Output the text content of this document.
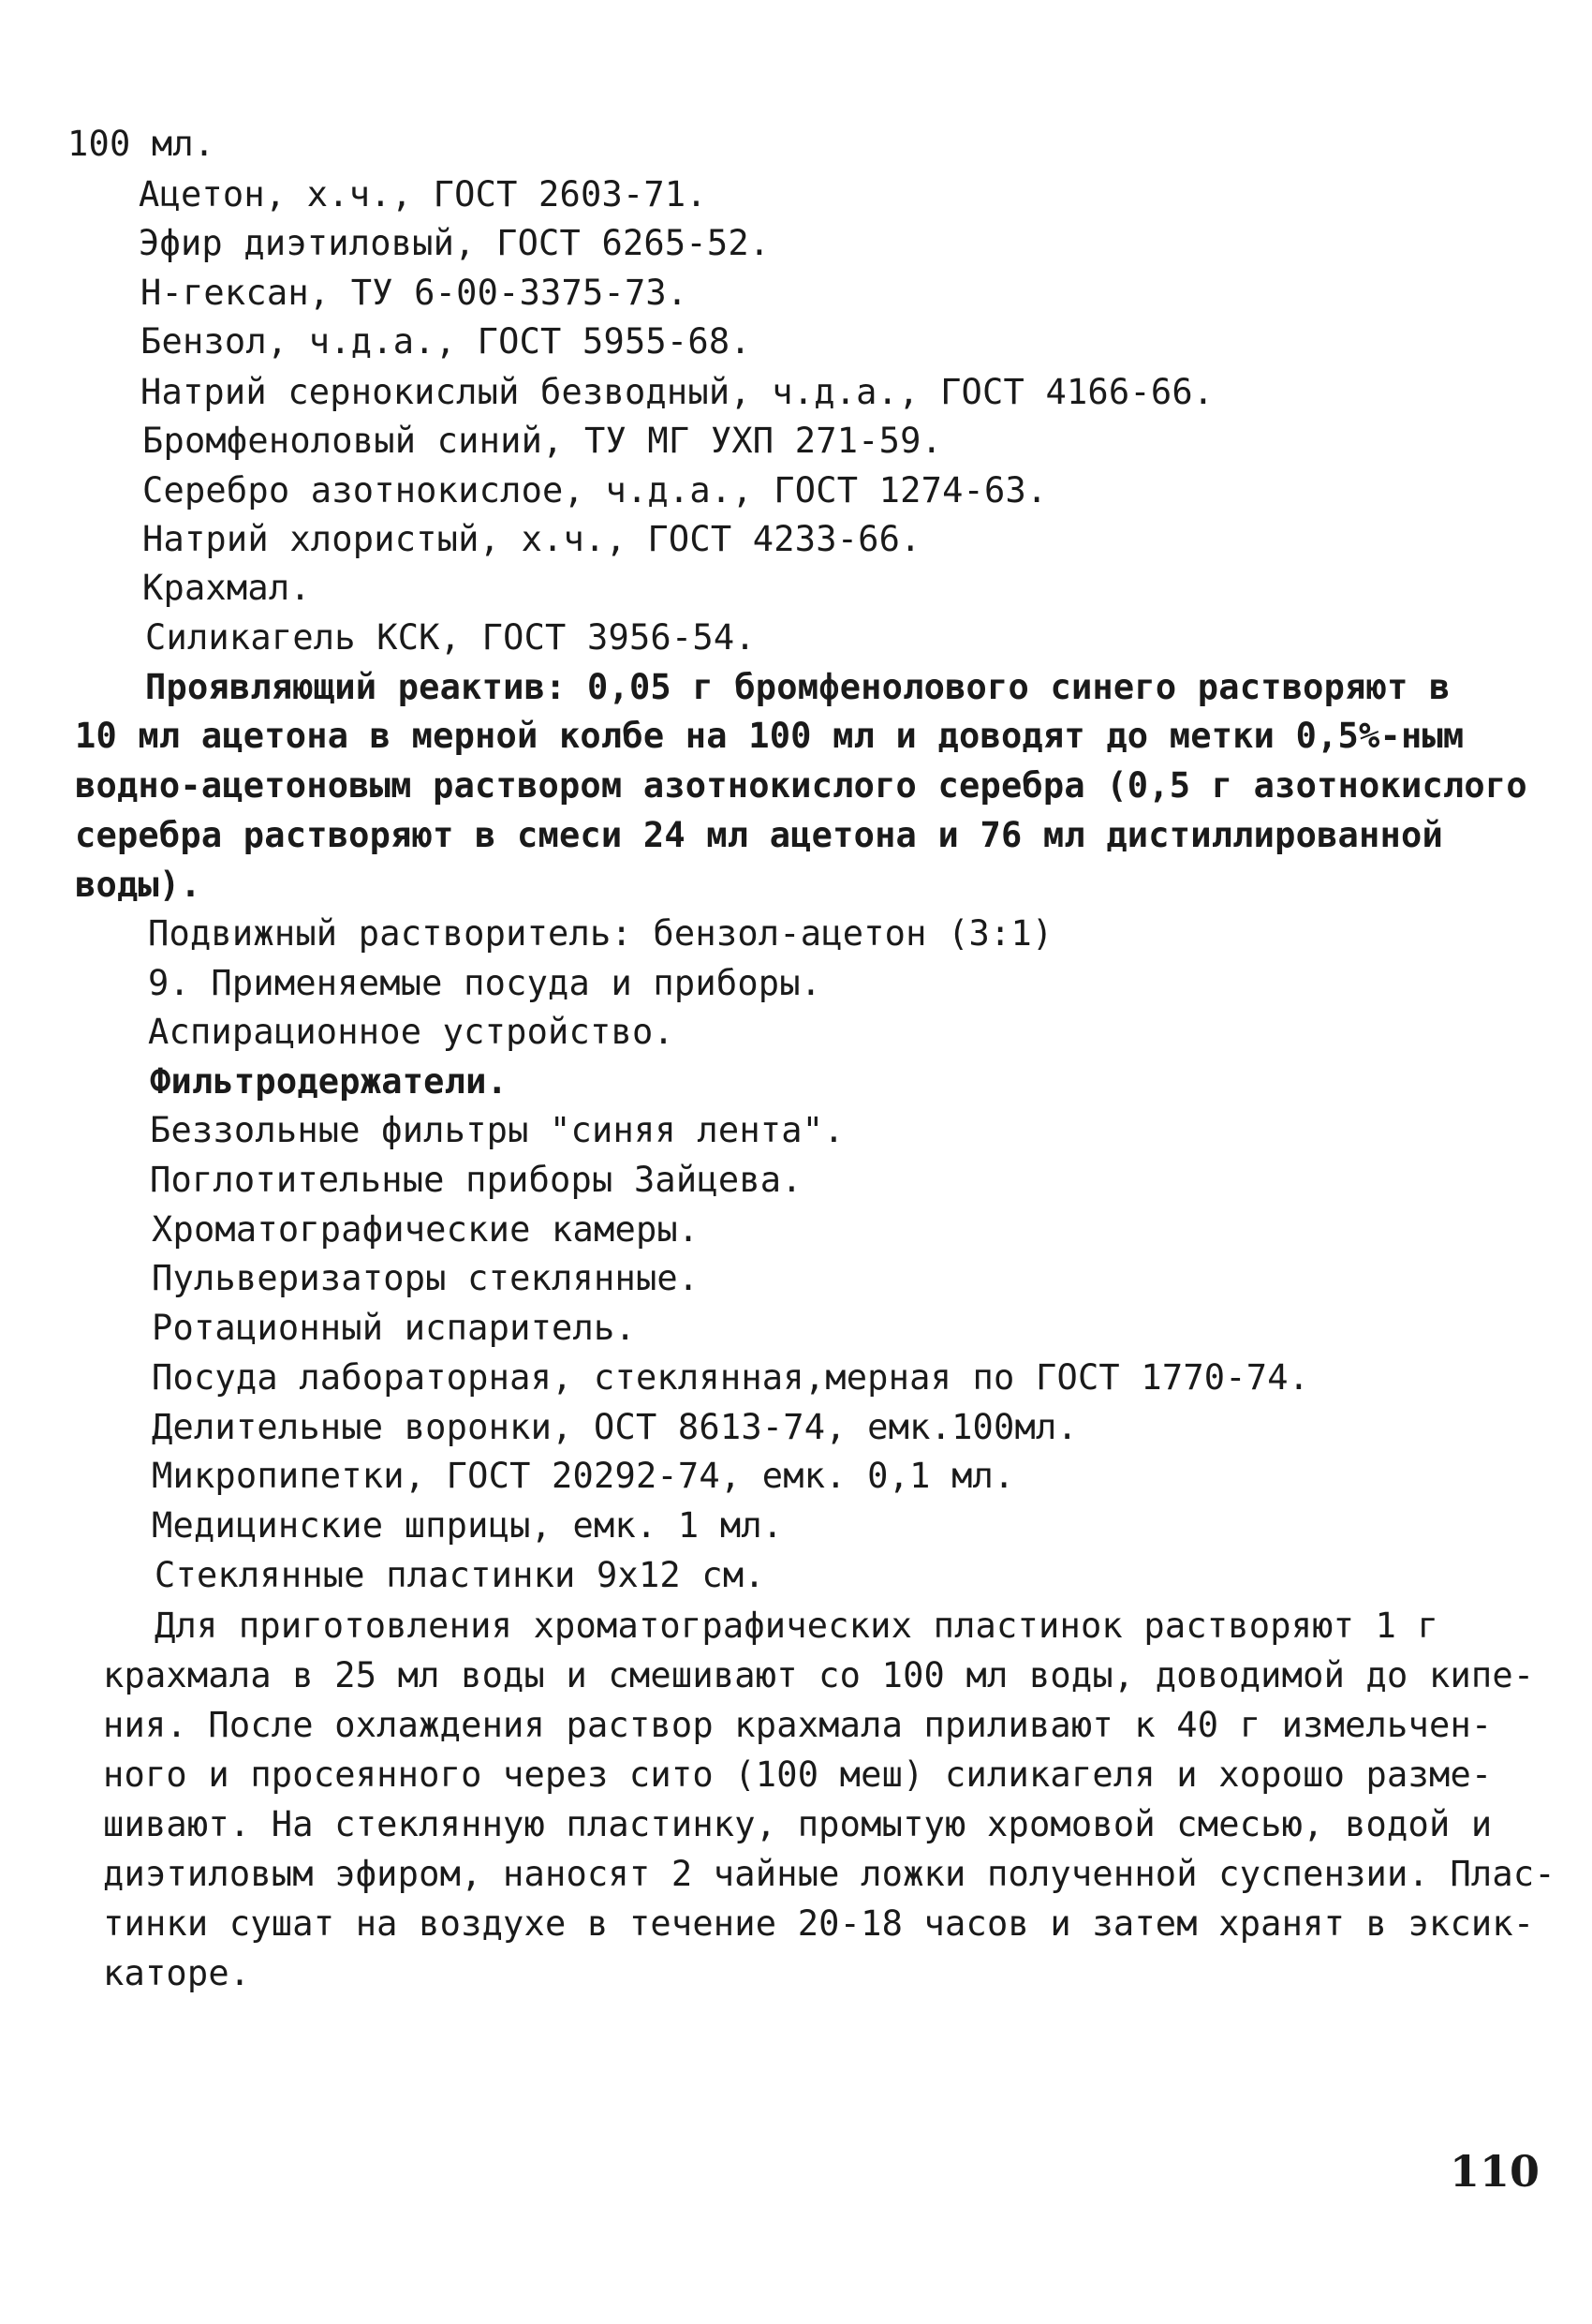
100 мл.
Ацетон, х.ч., ГОСТ 2603-71.
Эфир диэтиловый, ГОСТ 6265-52.
Н-гексан, ТУ 6-00-3375-73.
Бензол, ч.д.а., ГОСТ 5955-68.
Натрий сернокислый безводный, ч.д.а., ГОСТ 4166-66.
Бромфеноловый синий, ТУ МГ УХП 271-59.
Серебро азотнокислое, ч.д.а., ГОСТ 1274-63.
Натрий хлористый, х.ч., ГОСТ 4233-66.
Крахмал.
Силикагель КСК, ГОСТ 3956-54.
Проявляющий реактив: 0,05 г бромфенолового синего растворяют в
10 мл ацетона в мерной колбе на 100 мл и доводят до метки 0,5%-ным
водно-ацетоновым раствором азотнокислого серебра (0,5 г азотнокислого
серебра растворяют в смеси 24 мл ацетона и 76 мл дистиллированной
воды).
Подвижный растворитель: бензол-ацетон (3:1)
9. Применяемые посуда и приборы.
Аспирационное устройство.
Фильтродержатели.
Беззольные фильтры "синяя лента".
Поглотительные приборы Зайцева.
Хроматографические камеры.
Пульверизаторы стеклянные.
Ротационный испаритель.
Посуда лабораторная, стеклянная,мерная по ГОСТ 1770-74.
Делительные воронки, ОСТ 8613-74, емк.100мл.
Микропипетки, ГОСТ 20292-74, емк. 0,1 мл.
Медицинские шприцы, емк. 1 мл.
Стеклянные пластинки 9х12 см.
Для приготовления хроматографических пластинок растворяют 1 г
крахмала в 25 мл воды и смешивают со 100 мл воды, доводимой до кипе-
ния. После охлаждения раствор крахмала приливают к 40 г измельчен-
ного и просеянного через сито (100 меш) силикагеля и хорошо разме-
шивают. На стеклянную пластинку, промытую хромовой смесью, водой и
диэтиловым эфиром, наносят 2 чайные ложки полученной суспензии. Плас-
тинки сушат на воздухе в течение 20-18 часов и затем хранят в эксик-
каторе.
110
